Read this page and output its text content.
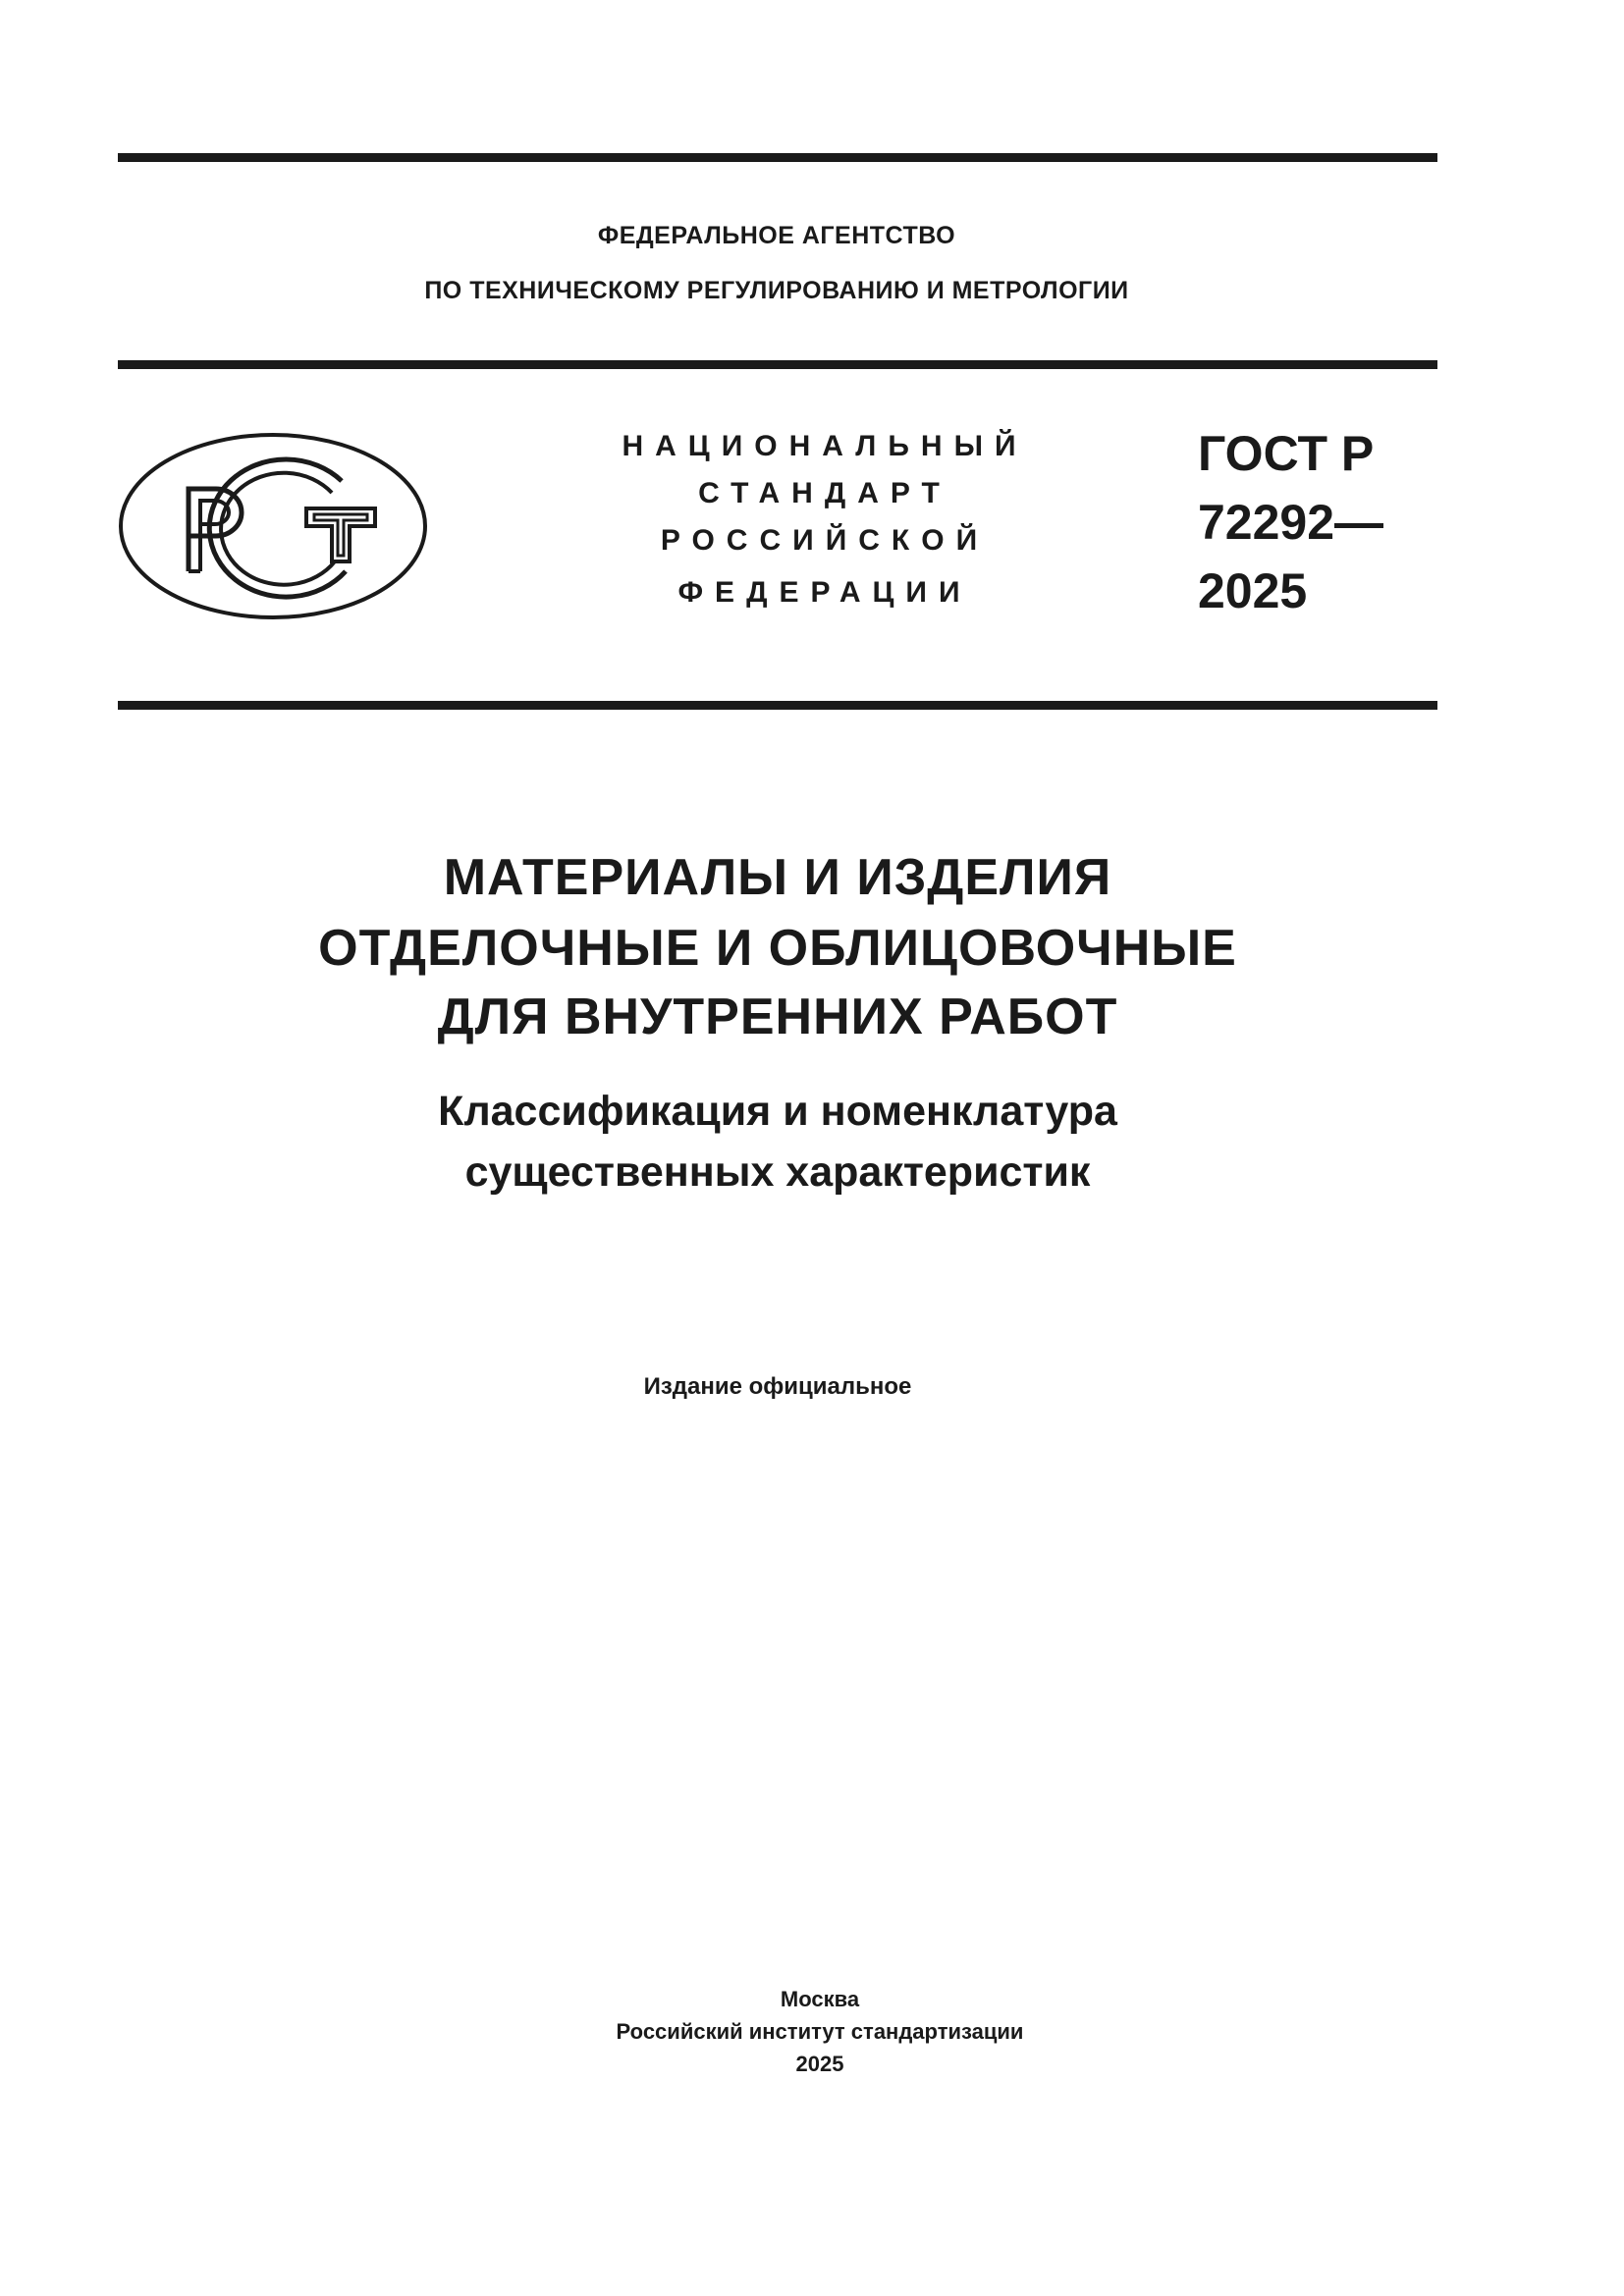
ФЕДЕРАЛЬНОЕ АГЕНТСТВО
ПО ТЕХНИЧЕСКОМУ РЕГУЛИРОВАНИЮ И МЕТРОЛОГИИ
НАЦИОНАЛЬНЫЙ
СТАНДАРТ
РОССИЙСКОЙ
ФЕДЕРАЦИИ
ГОСТ Р
72292—
2025
МАТЕРИАЛЫ И ИЗДЕЛИЯ
ОТДЕЛОЧНЫЕ И ОБЛИЦОВОЧНЫЕ
ДЛЯ ВНУТРЕННИХ РАБОТ
Классификация и номенклатура
существенных характеристик
Издание официальное
Москва
Российский институт стандартизации
2025
